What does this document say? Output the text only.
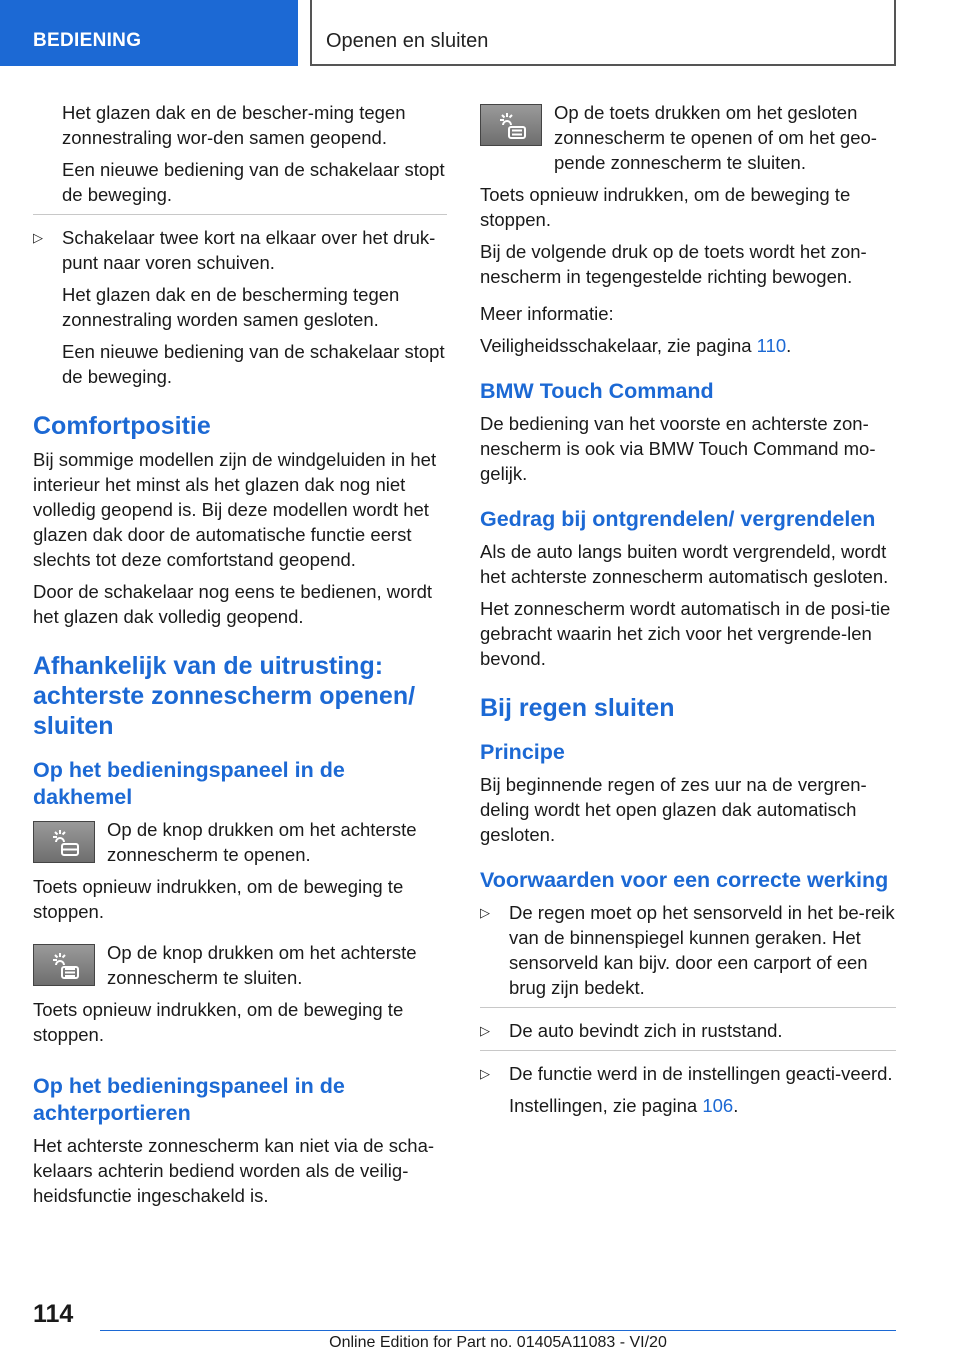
BEDIENING	Openen en sluiten

Het glazen dak en de bescher-ming tegen zonnestraling wor-den samen geopend.

Een nieuwe bediening van de schakelaar stopt de beweging.

▷ Schakelaar twee kort na elkaar over het druk-punt naar voren schuiven.

Het glazen dak en de bescherming tegen zonnestraling worden samen gesloten.

Een nieuwe bediening van de schakelaar stopt de beweging.

Comfortpositie

Bij sommige modellen zijn de windgeluiden in het interieur het minst als het glazen dak nog niet volledig geopend is. Bij deze modellen wordt het glazen dak door de automatische functie eerst slechts tot deze comfortstand geopend.

Door de schakelaar nog eens te bedienen, wordt het glazen dak volledig geopend.

Afhankelijk van de uitrusting: achterste zonnescherm openen/ sluiten
Op het bedieningspaneel in de dakhemel

Op de knop drukken om het achterste zonnescherm te openen.

Toets opnieuw indrukken, om de beweging te stoppen.

Op de knop drukken om het achterste zonnescherm te sluiten.

Toets opnieuw indrukken, om de beweging te stoppen.

Op het bedieningspaneel in de achterportieren

Het achterste zonnescherm kan niet via de scha-kelaars achterin bediend worden als de veilig-heidsfunctie ingeschakeld is.

Op de toets drukken om het gesloten zonnescherm te openen of om het geo-pende zonnescherm te sluiten.

Toets opnieuw indrukken, om de beweging te stoppen.

Bij de volgende druk op de toets wordt het zon-nescherm in tegengestelde richting bewogen.

Meer informatie:

Veiligheidsschakelaar, zie pagina 110.

BMW Touch Command

De bediening van het voorste en achterste zon-nescherm is ook via BMW Touch Command mo-gelijk.

Gedrag bij ontgrendelen/ vergrendelen

Als de auto langs buiten wordt vergrendeld, wordt het achterste zonnescherm automatisch gesloten.

Het zonnescherm wordt automatisch in de posi-tie gebracht waarin het zich voor het vergrende-len bevond.

Bij regen sluiten
Principe

Bij beginnende regen of zes uur na de vergren-deling wordt het open glazen dak automatisch gesloten.

Voorwaarden voor een correcte werking

▷ De regen moet op het sensorveld in het be-reik van de binnenspiegel kunnen geraken. Het sensorveld kan bijv. door een carport of een brug zijn bedekt.

▷ De auto bevindt zich in ruststand.

▷ De functie werd in de instellingen geacti-veerd.

Instellingen, zie pagina 106.

114
Online Edition for Part no. 01405A11083 - VI/20
